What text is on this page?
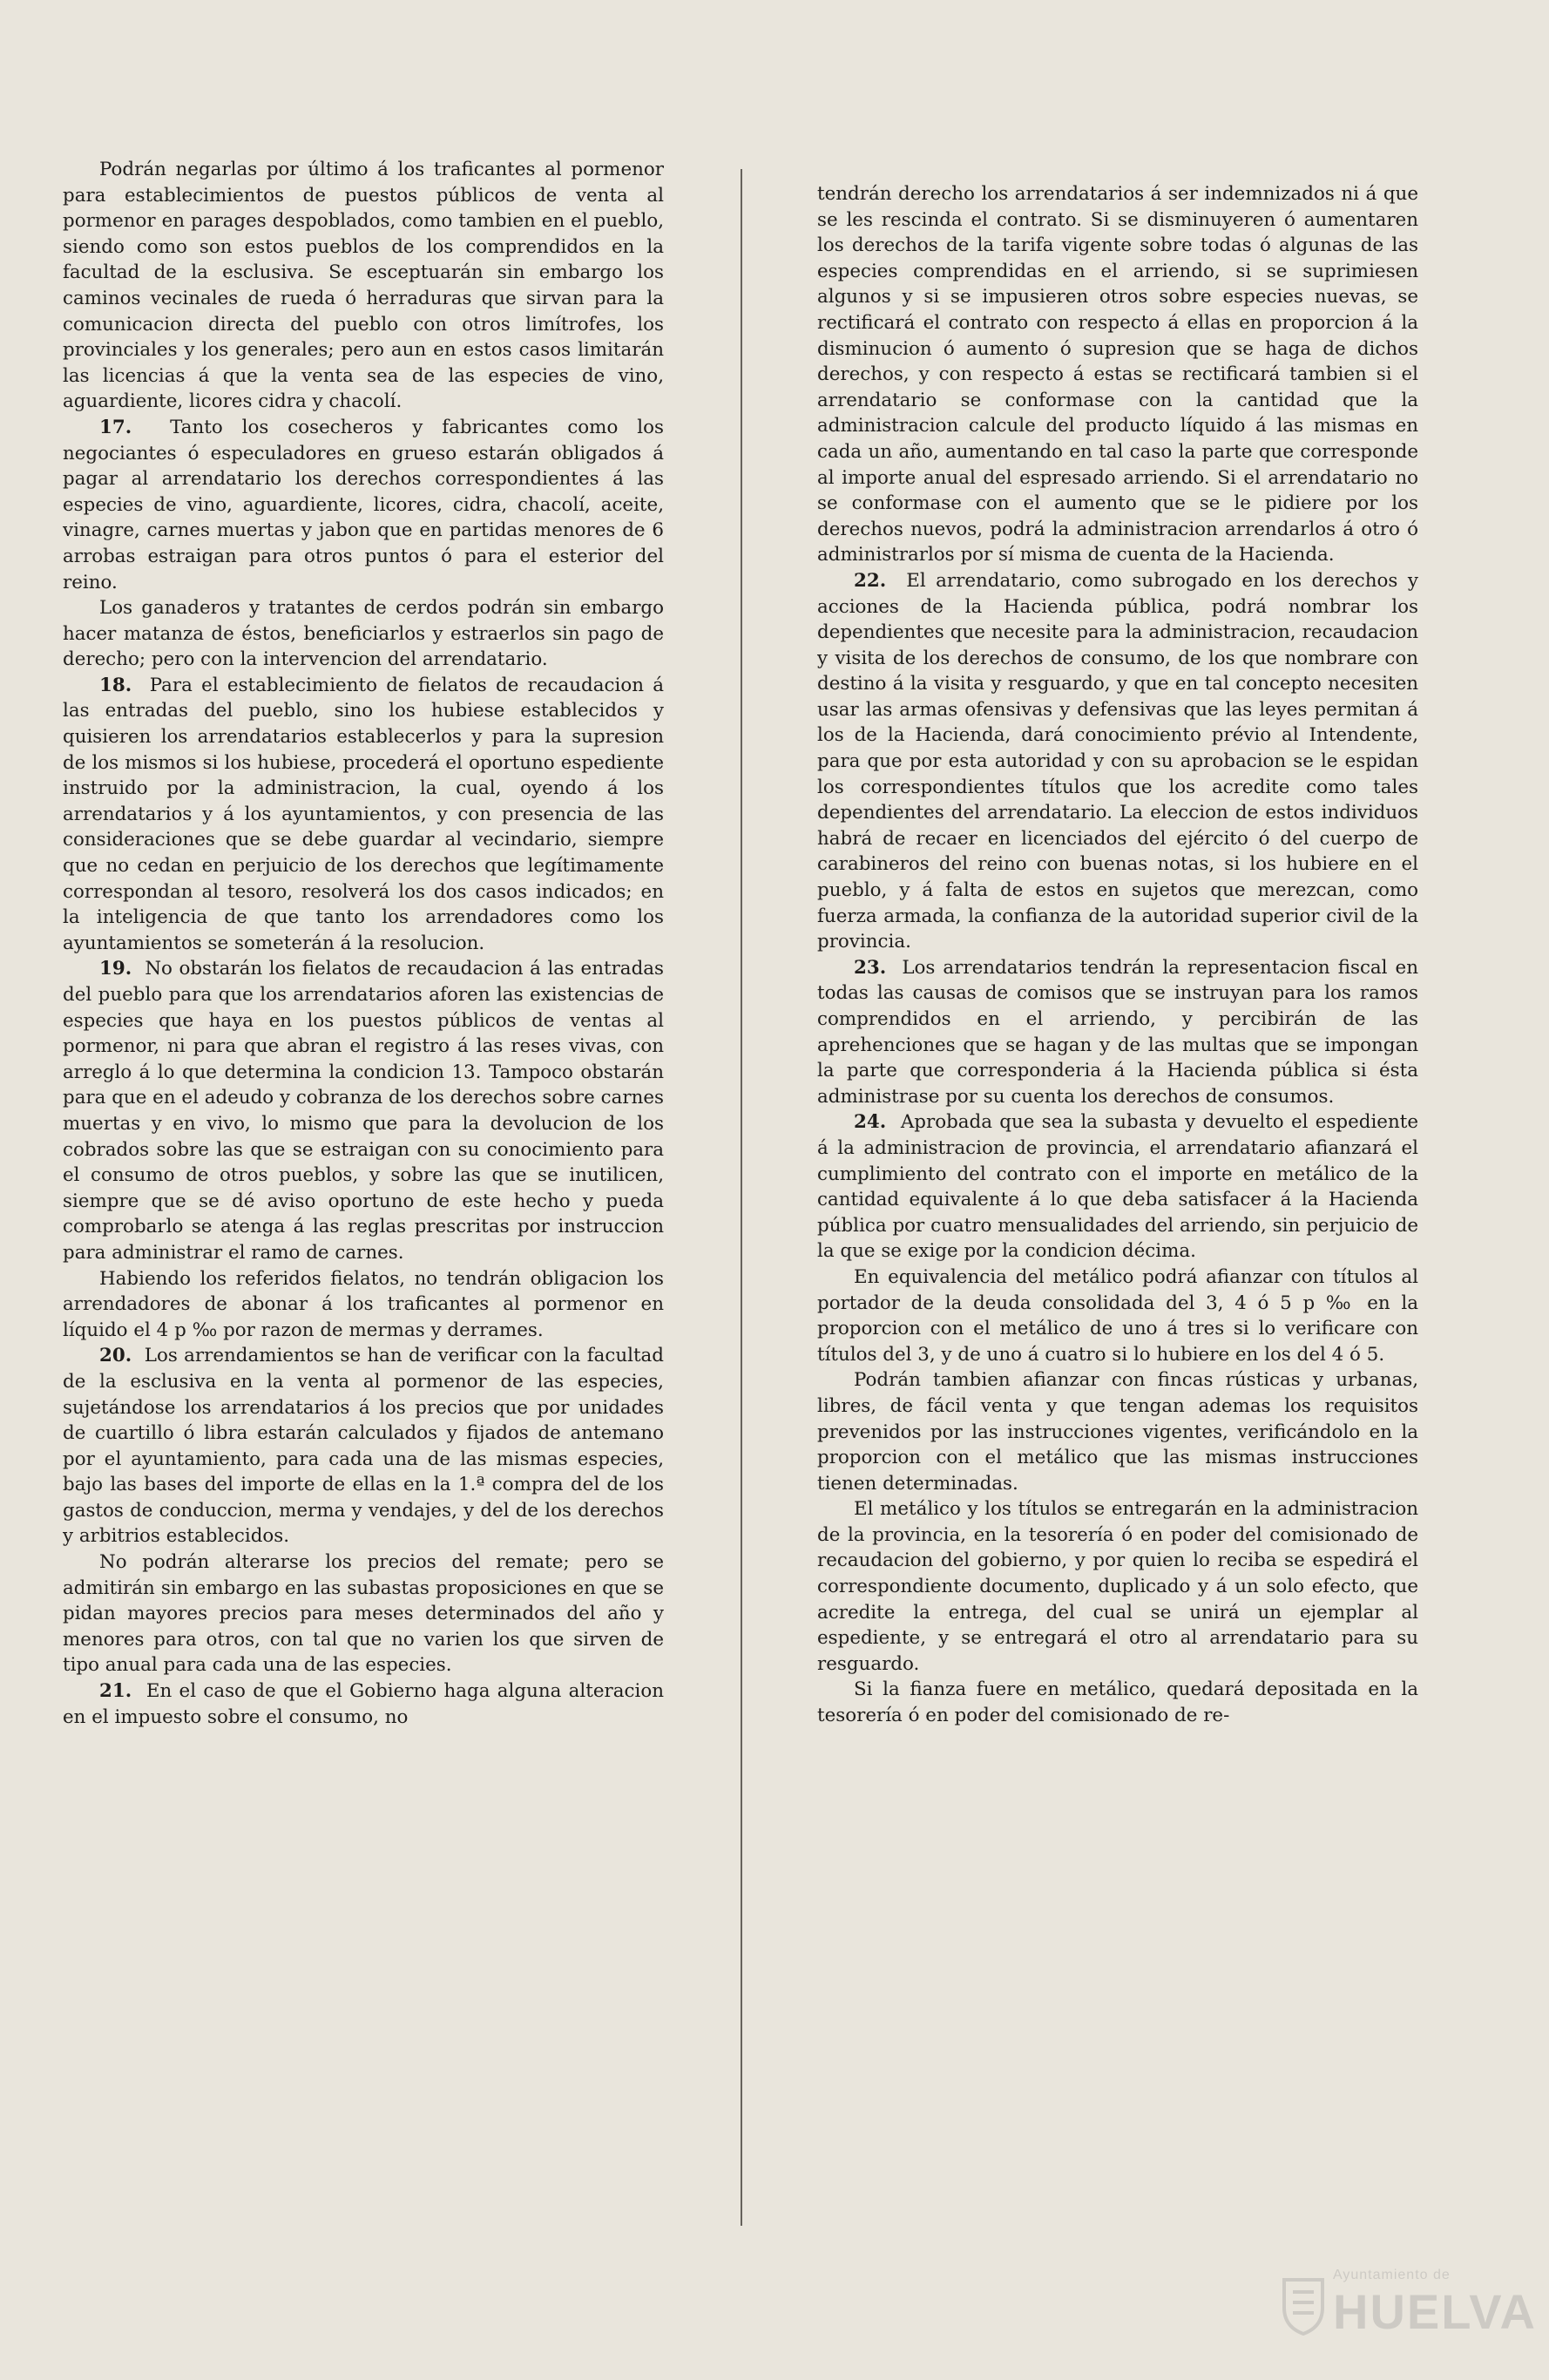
Podrán negarlas por último á los traficantes al pormenor para establecimientos de puestos públicos de venta al pormenor en parages despoblados, como tambien en el pueblo, siendo como son estos pueblos de los comprendidos en la facultad de la esclusiva. Se esceptuarán sin embargo los caminos vecinales de rueda ó herraduras que sirvan para la comunicacion directa del pueblo con otros limítrofes, los provinciales y los generales; pero aun en estos casos limitarán las licencias á que la venta sea de las especies de vino, aguardiente, licores cidra y chacolí.

17. Tanto los cosecheros y fabricantes como los negociantes ó especuladores en grueso estarán obligados á pagar al arrendatario los derechos correspondientes á las especies de vino, aguardiente, licores, cidra, chacolí, aceite, vinagre, carnes muertas y jabon que en partidas menores de 6 arrobas estraigan para otros puntos ó para el esterior del reino.

Los ganaderos y tratantes de cerdos podrán sin embargo hacer matanza de éstos, beneficiarlos y estraerlos sin pago de derecho; pero con la intervencion del arrendatario.

18. Para el establecimiento de fielatos de recaudacion á las entradas del pueblo, sino los hubiese establecidos y quisieren los arrendatarios establecerlos y para la supresion de los mismos si los hubiese, procederá el oportuno espediente instruido por la administracion, la cual, oyendo á los arrendatarios y á los ayuntamientos, y con presencia de las consideraciones que se debe guardar al vecindario, siempre que no cedan en perjuicio de los derechos que legítimamente correspondan al tesoro, resolverá los dos casos indicados; en la inteligencia de que tanto los arrendadores como los ayuntamientos se someterán á la resolucion.

19. No obstarán los fielatos de recaudacion á las entradas del pueblo para que los arrendatarios aforen las existencias de especies que haya en los puestos públicos de ventas al pormenor, ni para que abran el registro á las reses vivas, con arreglo á lo que determina la condicion 13. Tampoco obstarán para que en el adeudo y cobranza de los derechos sobre carnes muertas y en vivo, lo mismo que para la devolucion de los cobrados sobre las que se estraigan con su conocimiento para el consumo de otros pueblos, y sobre las que se inutilicen, siempre que se dé aviso oportuno de este hecho y pueda comprobarlo se atenga á las reglas prescritas por instruccion para administrar el ramo de carnes.

Habiendo los referidos fielatos, no tendrán obligacion los arrendadores de abonar á los traficantes al pormenor en líquido el 4 p ‰ por razon de mermas y derrames.

20. Los arrendamientos se han de verificar con la facultad de la esclusiva en la venta al pormenor de las especies, sujetándose los arrendatarios á los precios que por unidades de cuartillo ó libra estarán calculados y fijados de antemano por el ayuntamiento, para cada una de las mismas especies, bajo las bases del importe de ellas en la 1.ª compra del de los gastos de conduccion, merma y vendajes, y del de los derechos y arbitrios establecidos.

No podrán alterarse los precios del remate; pero se admitirán sin embargo en las subastas proposiciones en que se pidan mayores precios para meses determinados del año y menores para otros, con tal que no varien los que sirven de tipo anual para cada una de las especies.

21. En el caso de que el Gobierno haga alguna alteracion en el impuesto sobre el consumo, no

tendrán derecho los arrendatarios á ser indemnizados ni á que se les rescinda el contrato. Si se disminuyeren ó aumentaren los derechos de la tarifa vigente sobre todas ó algunas de las especies comprendidas en el arriendo, si se suprimiesen algunos y si se impusieren otros sobre especies nuevas, se rectificará el contrato con respecto á ellas en proporcion á la disminucion ó aumento ó supresion que se haga de dichos derechos, y con respecto á estas se rectificará tambien si el arrendatario se conformase con la cantidad que la administracion calcule del producto líquido á las mismas en cada un año, aumentando en tal caso la parte que corresponde al importe anual del espresado arriendo. Si el arrendatario no se conformase con el aumento que se le pidiere por los derechos nuevos, podrá la administracion arrendarlos á otro ó administrarlos por sí misma de cuenta de la Hacienda.

22. El arrendatario, como subrogado en los derechos y acciones de la Hacienda pública, podrá nombrar los dependientes que necesite para la administracion, recaudacion y visita de los derechos de consumo, de los que nombrare con destino á la visita y resguardo, y que en tal concepto necesiten usar las armas ofensivas y defensivas que las leyes permitan á los de la Hacienda, dará conocimiento prévio al Intendente, para que por esta autoridad y con su aprobacion se le espidan los correspondientes títulos que los acredite como tales dependientes del arrendatario. La eleccion de estos individuos habrá de recaer en licenciados del ejército ó del cuerpo de carabineros del reino con buenas notas, si los hubiere en el pueblo, y á falta de estos en sujetos que merezcan, como fuerza armada, la confianza de la autoridad superior civil de la provincia.

23. Los arrendatarios tendrán la representacion fiscal en todas las causas de comisos que se instruyan para los ramos comprendidos en el arriendo, y percibirán de las aprehenciones que se hagan y de las multas que se impongan la parte que corresponderia á la Hacienda pública si ésta administrase por su cuenta los derechos de consumos.

24. Aprobada que sea la subasta y devuelto el espediente á la administracion de provincia, el arrendatario afianzará el cumplimiento del contrato con el importe en metálico de la cantidad equivalente á lo que deba satisfacer á la Hacienda pública por cuatro mensualidades del arriendo, sin perjuicio de la que se exige por la condicion décima.

En equivalencia del metálico podrá afianzar con títulos al portador de la deuda consolidada del 3, 4 ó 5 p ‰ en la proporcion con el metálico de uno á tres si lo verificare con títulos del 3, y de uno á cuatro si lo hubiere en los del 4 ó 5.

Podrán tambien afianzar con fincas rústicas y urbanas, libres, de fácil venta y que tengan ademas los requisitos prevenidos por las instrucciones vigentes, verificándolo en la proporcion con el metálico que las mismas instrucciones tienen determinadas.

El metálico y los títulos se entregarán en la administracion de la provincia, en la tesorería ó en poder del comisionado de recaudacion del gobierno, y por quien lo reciba se espedirá el correspondiente documento, duplicado y á un solo efecto, que acredite la entrega, del cual se unirá un ejemplar al espediente, y se entregará el otro al arrendatario para su resguardo.

Si la fianza fuere en metálico, quedará depositada en la tesorería ó en poder del comisionado de re-

Ayuntamiento de
HUELVA
